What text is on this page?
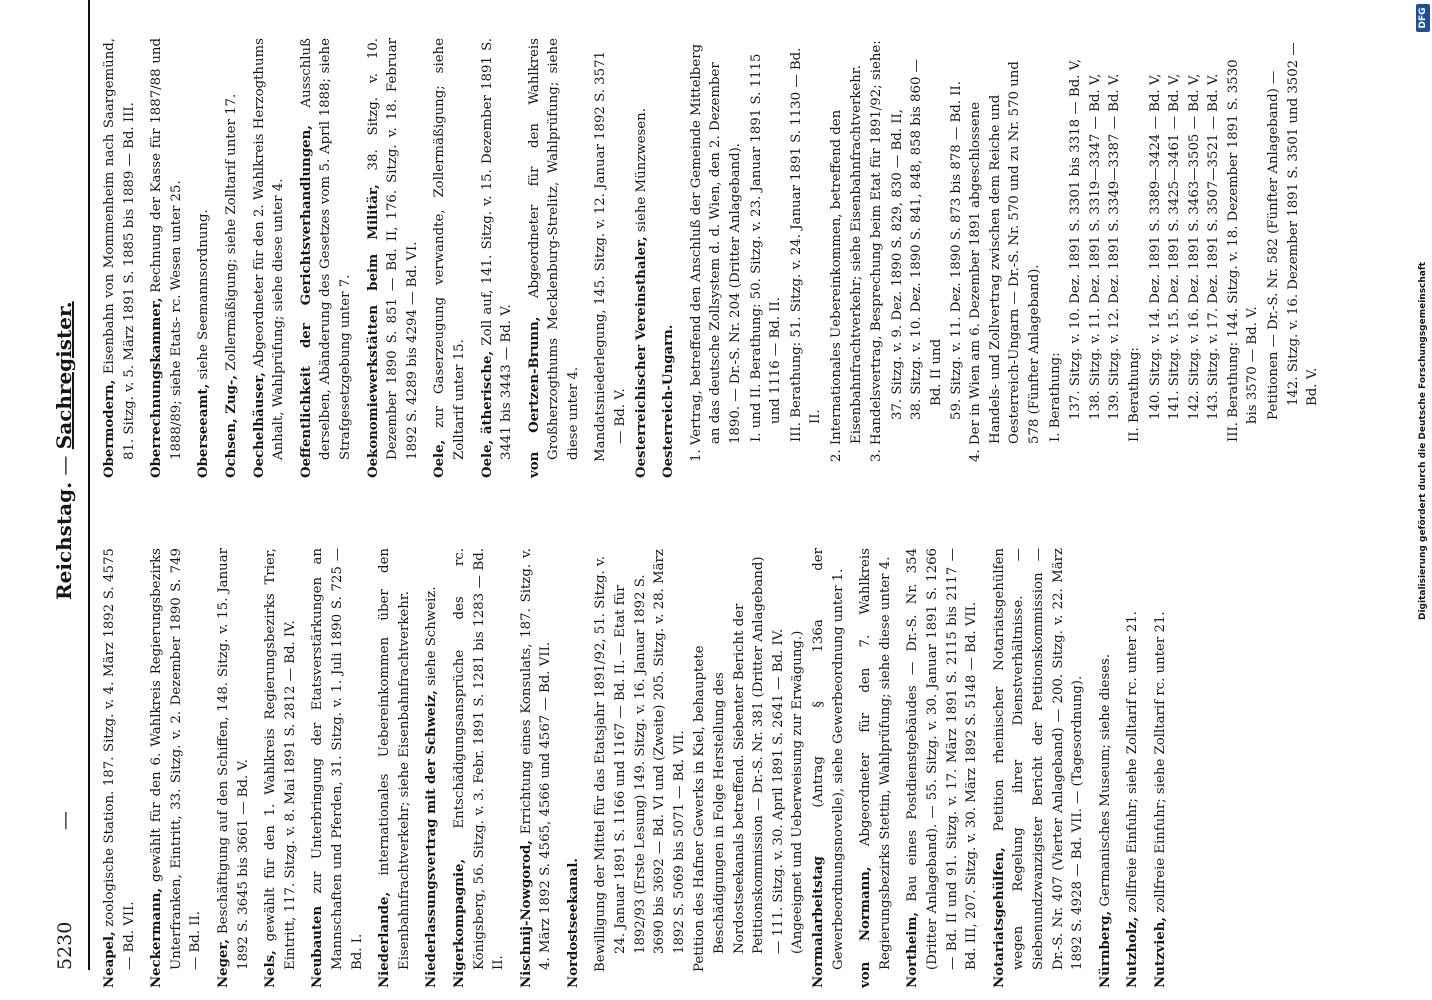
5230
—
Reichstag. — Sachregister.
Neapel, zoologische Station. 187. Sitzg. v. 4. März 1892 S. 4575 — Bd. VII. Neckermann, gewählt für den 6. Wahlkreis Regierungsbezirks Unterfranken, Eintritt, 33. Sitzg. v. 2. Dezember 1890 S. 749 — Bd. II. Neger, Beschäftigung auf den Schiffen, 148. Sitzg. v. 15. Januar 1892 S. 3645 bis 3661 — Bd. V. Nels, gewählt für den 1. Wahlkreis Regierungsbezirks Trier, Eintritt, 117. Sitzg. v. 8. Mai 1891 S. 2812 — Bd. IV. Neubauten zur Unterbringung der Etatsverstärkungen an Mannschaften und Pferden, 31. Sitzg. v. 1. Juli 1890 S. 725 — Bd. I. Niederlande, internationales Uebereinkommen über den Eisenbahnfrachtverkehr; siehe Eisenbahnfrachtverkehr. Niederlassungsvertrag mit der Schweiz, siehe Schweiz.
Nigerkompagnie, Entschädigungsansprüche des rc. Königsberg, 56. Sitzg. v. 3. Febr. 1891 S. 1281 bis 1283 — Bd. II. Nischnij-Nowgorod, Errichtung eines Konsulats, 187. Sitzg. v. 4. März 1892 S. 4565, 4566 und 4567 — Bd. VII. Nordostseekanal. Bewilligung der Mittel für das Etatsjahr 1891/92, 51. Sitzg. v. 24. Januar 1891 S. 1166 und 1167 — Bd. II. — Etat für 1892/93 (Erste Lesung) 149. Sitzg. v. 16. Januar 1892 S. 3690 bis 3692 — Bd. VI und (Zweite) 205. Sitzg. v. 28. März 1892 S. 5069 bis 5071 — Bd. VII. Petition des Hafner Gewerks in Kiel, behauptete Beschädigungen in Folge Herstellung des Nordostseekanals betreffend. Siebenter Bericht der Petitionskommission — Dr.-S. Nr. 381 (Dritter Anlageband) — 111. Sitzg. v. 30. April 1891 S. 2641 — Bd. IV. (Angeeignet und Ueberweisung zur Erwägung.) Normalarbeitstag (Antrag § 136a der Gewerbeordnungsnovelle), siehe Gewerbeordnung unter 1. von Normann, Abgeordneter für den 7. Wahlkreis Regierungsbezirks Stettin, Wahlprüfung; siehe diese unter 4. Northeim, Bau eines Postdienstgebäudes — Dr.-S. Nr. 354 (Dritter Anlageband). — 55. Sitzg. v. 30. Januar 1891 S. 1266 — Bd. II und 91. Sitzg. v. 17. März 1891 S. 2115 bis 2117 — Bd. III, 207. Sitzg. v. 30. März 1892 S. 5148 — Bd. VII. Notariatsgehülfen, Petition rheinischer Notariatsgehülfen wegen Regelung ihrer Dienstverhältnisse. — Siebenundzwanzigster Bericht der Petitionskommission — Dr.-S. Nr. 407 (Vierter Anlageband) — 200. Sitzg. v. 22. März 1892 S. 4928 — Bd. VII. — (Tagesordnung). Nürnberg, Germanisches Museum; siehe dieses.
Nutzholz, zollfreie Einfuhr; siehe Zolltarif rc. unter 21.
Nutzvieh, zollfreie Einfuhr; siehe Zolltarif rc. unter 21.
Obermodern, Eisenbahn von Mommenheim nach Saargemünd, 81. Sitzg. v. 5. März 1891 S. 1885 bis 1889 — Bd. III. Oberrechnungskammer, Rechnung der Kasse für 1887/88 und 1888/89; siehe Etats- rc. Wesen unter 25. Oberseeamt, siehe Seemannsordnung.
Ochsen, Zug-, Zollermäßigung; siehe Zolltarif unter 17.
Oechelhäuser, Abgeordneter für den 2. Wahlkreis Herzogthums Anhalt, Wahlprüfung; siehe diese unter 4. Oeffentlichkeit der Gerichtsverhandlungen, Ausschluß derselben, Abänderung des Gesetzes vom 5. April 1888; siehe Strafgesetzgebung unter 7. Oekonomiewerkstätten beim Militär, 38. Sitzg. v. 10. Dezember 1890 S. 851 — Bd. II, 176. Sitzg. v. 18. Februar 1892 S. 4289 bis 4294 — Bd. VI. Oele, zur Gaserzeugung verwandte, Zollermäßigung; siehe Zolltarif unter 15. Oele, ätherische, Zoll auf, 141. Sitzg. v. 15. Dezember 1891 S. 3441 bis 3443 — Bd. V. von Oertzen-Brunn, Abgeordneter für den Wahlkreis Großherzogthums Mecklenburg-Strelitz, Wahlprüfung; siehe diese unter 4. Mandatsniederlegung, 145. Sitzg. v. 12. Januar 1892 S. 3571 — Bd. V. Oesterreichischer Vereinsthaler, siehe Münzwesen.
Oesterreich-Ungarn. 1. Vertrag, betreffend den Anschluß der Gemeinde Mittelberg an das deutsche Zollsystem d. d. Wien, den 2. Dezember 1890. — Dr.-S. Nr. 204 (Dritter Anlageband). I. und II. Berathung: 50. Sitzg. v. 23. Januar 1891 S. 1115 und 1116 — Bd. II. III. Berathung: 51. Sitzg. v. 24. Januar 1891 S. 1130 — Bd. II. 2. Internationales Uebereinkommen, betreffend den Eisenbahnfrachtverkehr; siehe Eisenbahnfrachtverkehr. 3. Handelsvertrag, Besprechung beim Etat für 1891/92; siehe: 37. Sitzg. v. 9. Dez. 1890 S. 829, 830 — Bd. II, 38. Sitzg. v. 10. Dez. 1890 S. 841, 848, 858 bis 860 — Bd. II und 59. Sitzg. v. 11. Dez. 1890 S. 873 bis 878 — Bd. II. 4. Der in Wien am 6. Dezember 1891 abgeschlossene Handels- und Zollvertrag zwischen dem Reiche und Oesterreich-Ungarn — Dr.-S. Nr. 570 und zu Nr. 570 und 578 (Fünfter Anlageband). I. Berathung: 137. Sitzg. v. 10. Dez. 1891 S. 3301 bis 3318 — Bd. V, 138. Sitzg. v. 11. Dez. 1891 S. 3319—3347 — Bd. V, 139. Sitzg. v. 12. Dez. 1891 S. 3349—3387 — Bd. V. II. Berathung: 140. Sitzg. v. 14. Dez. 1891 S. 3389—3424 — Bd. V, 141. Sitzg. v. 15. Dez. 1891 S. 3425—3461 — Bd. V, 142. Sitzg. v. 16. Dez. 1891 S. 3463—3505 — Bd. V, 143. Sitzg. v. 17. Dez. 1891 S. 3507—3521 — Bd. V. III. Berathung: 144. Sitzg. v. 18. Dezember 1891 S. 3530 bis 3570 — Bd. V. Petitionen — Dr.-S. Nr. 582 (Fünfter Anlageband) — 142. Sitzg. v. 16. Dezember 1891 S. 3501 und 3502 — Bd. V.	Digitalisierung gefördert durch die Deutsche Forschungsgemeinschaft
DFG
